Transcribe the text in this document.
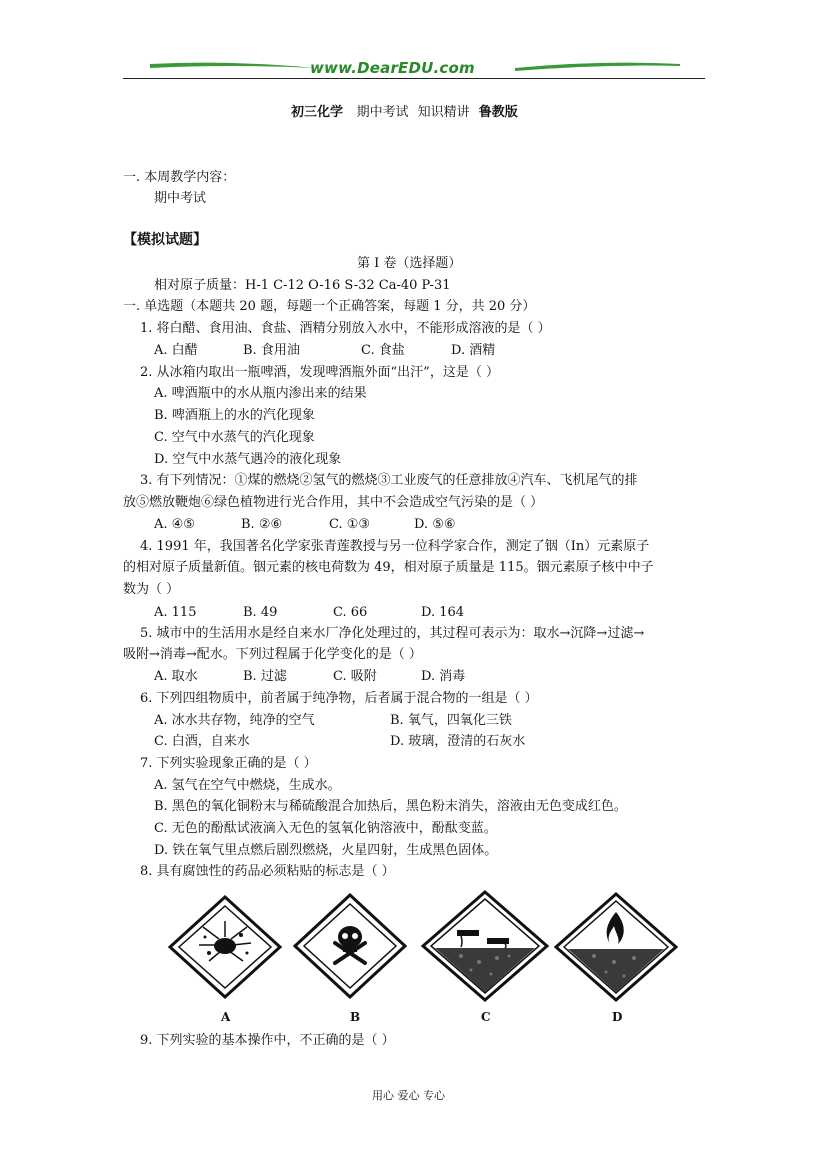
www.DearEDU.com
初三化学 期中考试 知识精讲 鲁教版
一. 本周教学内容：
期中考试
【模拟试题】
第 I 卷（选择题）
相对原子质量：H-1 C-12 O-16 S-32 Ca-40 P-31
一. 单选题（本题共 20 题，每题一个正确答案，每题 1 分，共 20 分）
1. 将白醋、食用油、食盐、酒精分别放入水中，不能形成溶液的是（ ）
A. 白醋	B. 食用油	C. 食盐	D. 酒精
2. 从冰箱内取出一瓶啤酒，发现啤酒瓶外面“出汗”，这是（ ）
A. 啤酒瓶中的水从瓶内渗出来的结果
B. 啤酒瓶上的水的汽化现象
C. 空气中水蒸气的汽化现象
D. 空气中水蒸气遇冷的液化现象
3. 有下列情况：①煤的燃烧②氢气的燃烧③工业废气的任意排放④汽车、飞机尾气的排
放⑤燃放鞭炮⑥绿色植物进行光合作用，其中不会造成空气污染的是（ ）
A. ④⑤	B. ②⑥	C. ①③	D. ⑤⑥
4. 1991 年，我国著名化学家张青莲教授与另一位科学家合作，测定了铟（In）元素原子
的相对原子质量新值。铟元素的核电荷数为 49，相对原子质量是 115。铟元素原子核中中子
数为（ ）
A. 115	B. 49	C. 66	D. 164
5. 城市中的生活用水是经自来水厂净化处理过的，其过程可表示为：取水→沉降→过滤→
吸附→消毒→配水。下列过程属于化学变化的是（ ）
A. 取水	B. 过滤	C. 吸附	D. 消毒
6. 下列四组物质中，前者属于纯净物，后者属于混合物的一组是（ ）
A. 冰水共存物，纯净的空气	B. 氧气，四氧化三铁
C. 白酒，自来水	D. 玻璃，澄清的石灰水
7. 下列实验现象正确的是（ ）
A. 氢气在空气中燃烧，生成水。
B. 黑色的氧化铜粉末与稀硫酸混合加热后，黑色粉末消失，溶液由无色变成红色。
C. 无色的酚酞试液滴入无色的氢氧化钠溶液中，酚酞变蓝。
D. 铁在氧气里点燃后剧烈燃烧，火星四射，生成黑色固体。
8. 具有腐蚀性的药品必须粘贴的标志是（ ）
A	B	C	D
9. 下列实验的基本操作中，不正确的是（ ）
用心 爱心 专心
